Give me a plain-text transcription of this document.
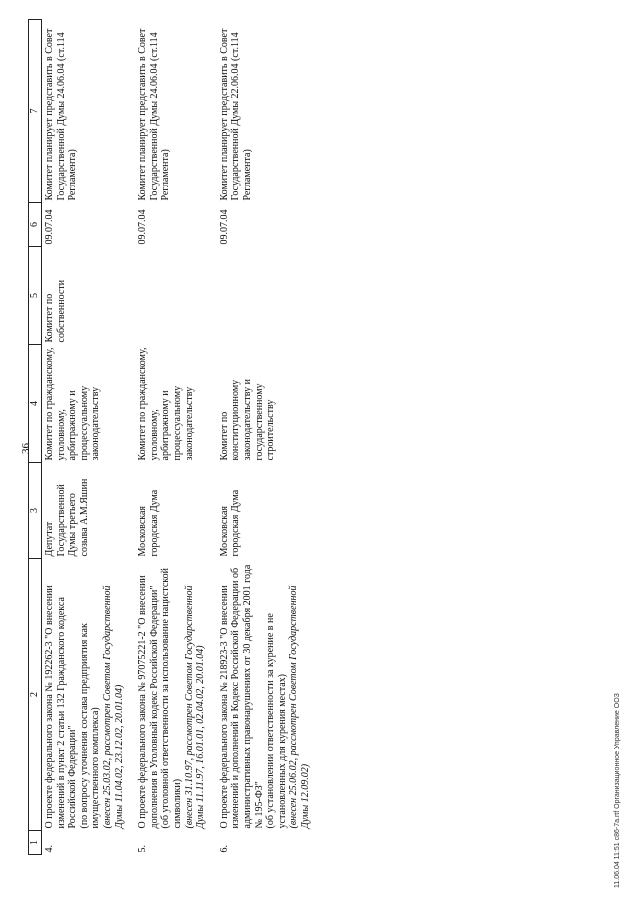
36
1	2	3	4	5	6	7
4.	О проекте федерального закона № 192262-3 "О внесении изменений в пункт 2 статьи 132 Гражданского кодекса Российской Федерации" (по вопросу уточнения состава предприятия как имущественного комплекса) (внесен 25.03.02, рассмотрен Советом Государственной Думы 11.04.02, 23.12.02, 20.01.04)	Депутат Государственной Думы третьего созыва А.М.Яшин	Комитет по гражданскому, уголовному, арбитражному и процессуальному законодательству	Комитет по собственности	09.07.04	Комитет планирует представить в Совет Государственной Думы 24.06.04 (ст.114 Регламента)
5.	О проекте федерального закона № 97075221-2 "О внесении дополнения в Уголовный кодекс Российской Федерации" (об уголовной ответственности за использование нацистской символики) (внесен 31.10.97, рассмотрен Советом Государственной Думы 11.11.97, 16.01.01, 02.04.02, 20.01.04)	Московская городская Дума	Комитет по гражданскому, уголовному, арбитражному и процессуальному законодательству		09.07.04	Комитет планирует представить в Совет Государственной Думы 24.06.04 (ст.114 Регламента)
6.	О проекте федерального закона № 218923-3 "О внесении изменений и дополнений в Кодекс Российской Федерации об административных правонарушениях от 30 декабря 2001 года № 195-ФЗ" (об установлении ответственности за курение в не установленных для курения местах) (внесен 25.06.02, рассмотрен Советом Государственной Думы 12.09.02)	Московская городская Дума	Комитет по конституционному законодательству и государственному строительству		09.07.04	Комитет планирует представить в Совет Государственной Думы 22.06.04 (ст.114 Регламента)
11.06.04 11:51 c86-7a.rtf Организационное Управление ООЗ
